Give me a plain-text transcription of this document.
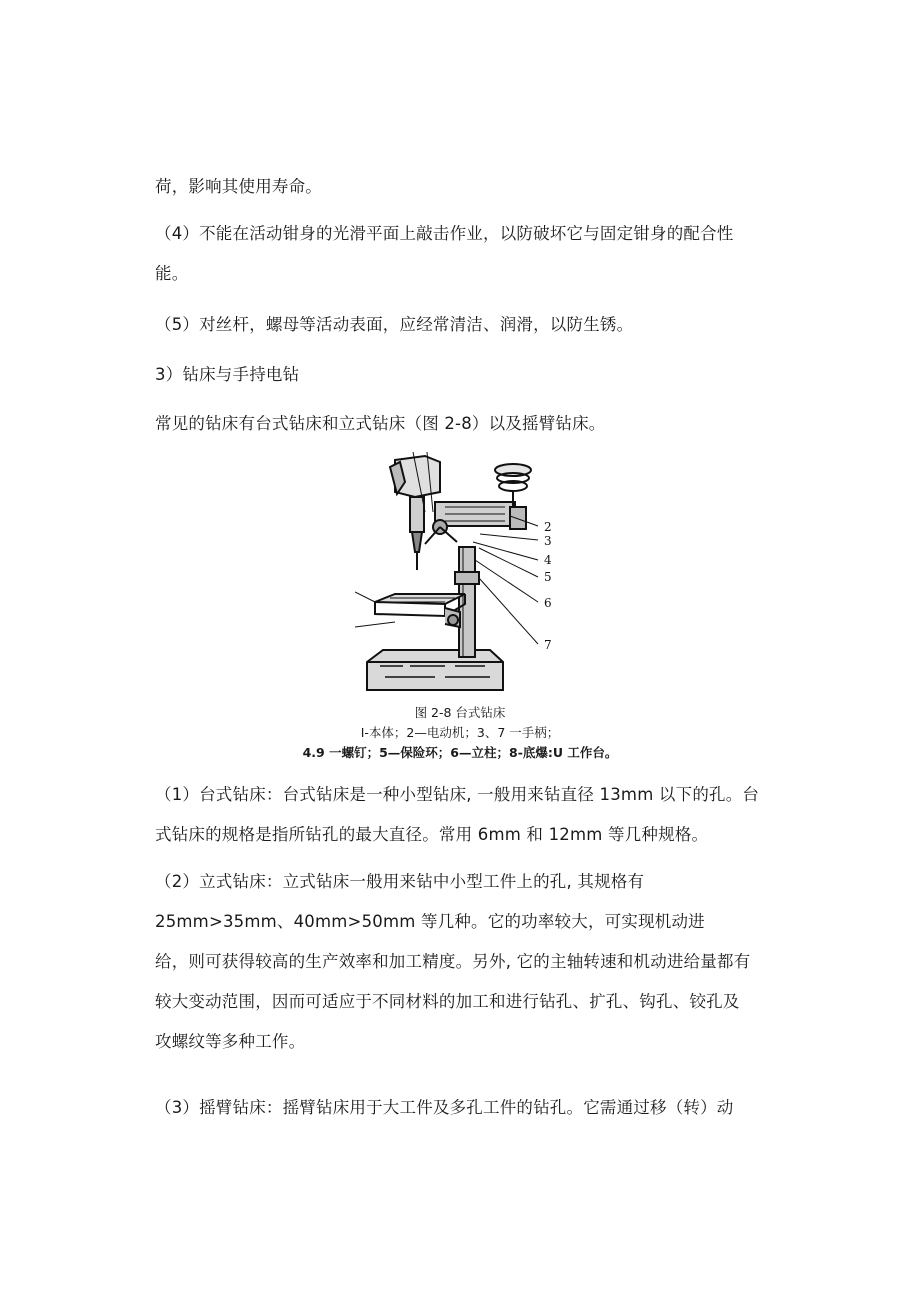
荷，影响其使用寿命。
（4）不能在活动钳身的光滑平面上敲击作业，以防破坏它与固定钳身的配合性
能。
（5）对丝杆，螺母等活动表面，应经常清洁、润滑，以防生锈。
3）钻床与手持电钻
常见的钻床有台式钻床和立式钻床（图 2-8）以及摇臂钻床。
2
3
4
5
6
7
图 2-8 台式钻床
I-本体；2—电动机；3、7 一手柄；
4.9 一螺钉；5—保险环；6—立柱；8-底爆:U 工作台。
（1）台式钻床：台式钻床是一种小型钻床, 一般用来钻直径 13mm 以下的孔。台
式钻床的规格是指所钻孔的最大直径。常用 6mm 和 12mm 等几种规格。
（2）立式钻床：立式钻床一般用来钻中小型工件上的孔, 其规格有
25mm>35mm、40mm>50mm 等几种。它的功率较大，可实现机动进
给，则可获得较高的生产效率和加工精度。另外, 它的主轴转速和机动进给量都有
较大变动范围，因而可适应于不同材料的加工和进行钻孔、扩孔、钩孔、铰孔及
攻螺纹等多种工作。
（3）摇臂钻床：摇臂钻床用于大工件及多孔工件的钻孔。它需通过移（转）动
